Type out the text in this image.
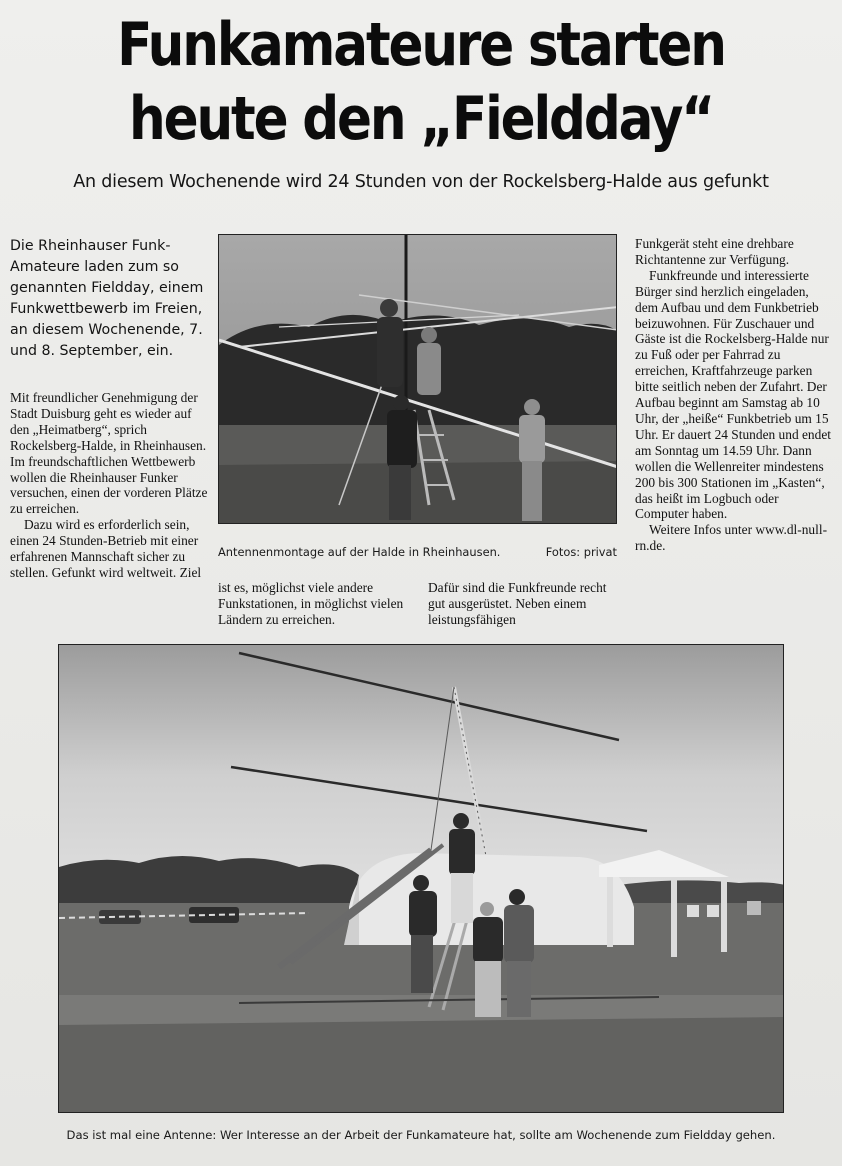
Funkamateure starten
heute den „Fieldday“
An diesem Wochenende wird 24 Stunden von der Rockelsberg-Halde aus gefunkt
Die Rheinhauser Funk-Amateure laden zum so genannten Fieldday, einem Funkwettbewerb im Freien, an diesem Wochenende, 7. und 8. September, ein.

Mit freundlicher Genehmigung der Stadt Duisburg geht es wieder auf den „Heimatberg“, sprich Rockelsberg-Halde, in Rheinhausen. Im freundschaftlichen Wettbewerb wollen die Rheinhauser Funker versuchen, einen der vorderen Plätze zu erreichen.

Dazu wird es erforderlich sein, einen 24 Stunden-Betrieb mit einer erfahrenen Mannschaft sicher zu stellen. Gefunkt wird weltweit. Ziel

Antennenmontage auf der Halde in Rheinhausen.	Fotos: privat

ist es, möglichst viele andere Funkstationen, in möglichst vielen Ländern zu erreichen.

Dafür sind die Funkfreunde recht gut ausgerüstet. Neben einem leistungsfähigen

Funkgerät steht eine drehbare Richtantenne zur Verfügung.

Funkfreunde und interessierte Bürger sind herzlich eingeladen, dem Aufbau und dem Funkbetrieb beizuwohnen. Für Zuschauer und Gäste ist die Rockelsberg-Halde nur zu Fuß oder per Fahrrad zu erreichen, Kraftfahrzeuge parken bitte seitlich neben der Zufahrt. Der Aufbau beginnt am Samstag ab 10 Uhr, der „heiße“ Funkbetrieb um 15 Uhr. Er dauert 24 Stunden und endet am Sonntag um 14.59 Uhr. Dann wollen die Wellenreiter mindestens 200 bis 300 Stationen im „Kasten“, das heißt im Logbuch oder Computer haben.

Weitere Infos unter www.dl-null-rn.de.

Das ist mal eine Antenne: Wer Interesse an der Arbeit der Funkamateure hat, sollte am Wochenende zum Fieldday gehen.
